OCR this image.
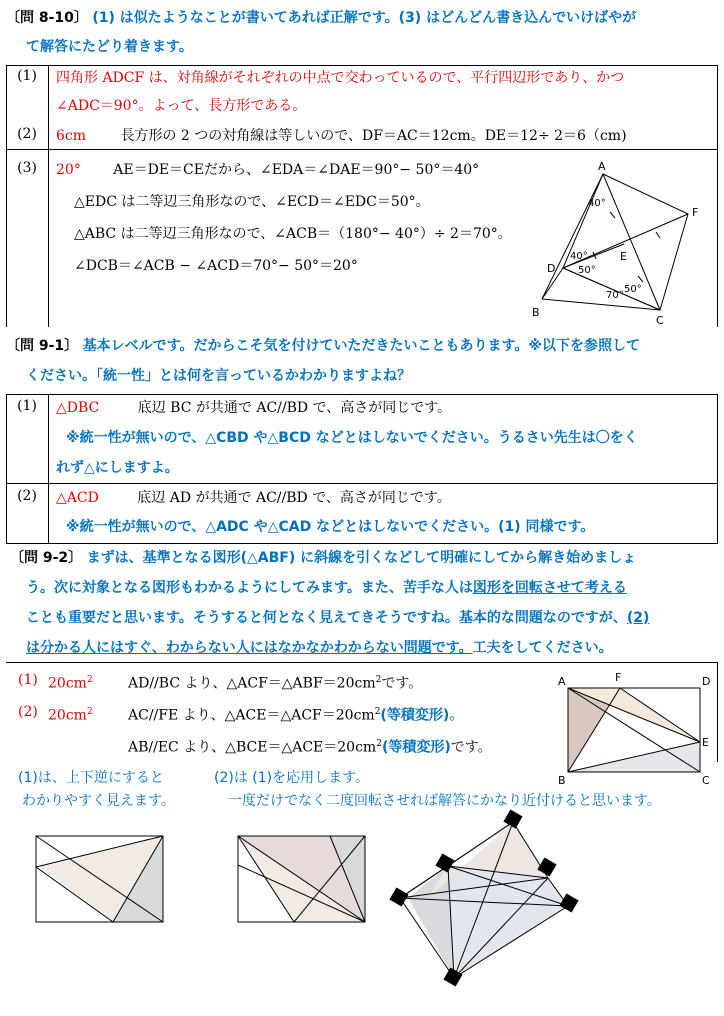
〔問 8-10〕 (1) は似たようなことが書いてあれば正解です。(3) はどんどん書き込んでいけばやが
て解答にたどり着きます。
(1)	四角形 ADCF は、対角線がそれぞれの中点で交わっているので、平行四辺形であり、かつ
∠ADC＝90°。よって、長方形である。
(2)	6cm 長方形の 2 つの対角線は等しいので、DF＝AC＝12cm。DE＝12÷ 2＝6（cm)
(3)	20° AE＝DE＝CEだから、∠EDA＝∠DAE＝90°− 50°＝40°
△EDC は二等辺三角形なので、∠ECD＝∠EDC＝50°。
△ABC は二等辺三角形なので、∠ACB＝（180°− 40°）÷ 2＝70°。
∠DCB＝∠ACB − ∠ACD＝70°− 50°＝20°
A
B
C
D
E
F
40°
40°
50°
70°
50°
〔問 9-1〕 基本レベルです。だからこそ気を付けていただきたいこともあります。※以下を参照して
ください。「統一性」とは何を言っているかわかりますよね？
(1)	△DBC	底辺 BC が共通で AC//BD で、高さが同じです。
※統一性が無いので、△CBD や△BCD などとはしないでください。うるさい先生は〇をく
れず△にしますよ。
(2)	△ACD	底辺 AD が共通で AC//BD で、高さが同じです。
※統一性が無いので、△ADC や△CAD などとはしないでください。(1) 同様です。
〔問 9-2〕 まずは、基準となる図形(△ABF) に斜線を引くなどして明確にしてから解き始めましょ
う。次に対象となる図形もわかるようにしてみます。また、苦手な人は図形を回転させて考える
ことも重要だと思います。そうすると何となく見えてきそうですね。基本的な問題なのですが、(2)
は分かる人にはすぐ、わからない人にはなかなかわからない問題です。工夫をしてください。
(1) $20cm^2$	AD//BC より、$\triangle ACF=\triangle ABF=20cm^2$です。
(2) $20cm^2$	AC//FE より、$\triangle ACE=\triangle ACF=20cm^2$(等積変形)。
AB//EC より、$\triangle BCE=\triangle ACE=20cm^2$(等積変形)です。
A	F	D
E
B	C
(1)は、上下逆にすると
わかりやすく見えます。
(2)は (1)を応用します。
一度だけでなく二度回転させれば解答にかなり近付けると思います。
